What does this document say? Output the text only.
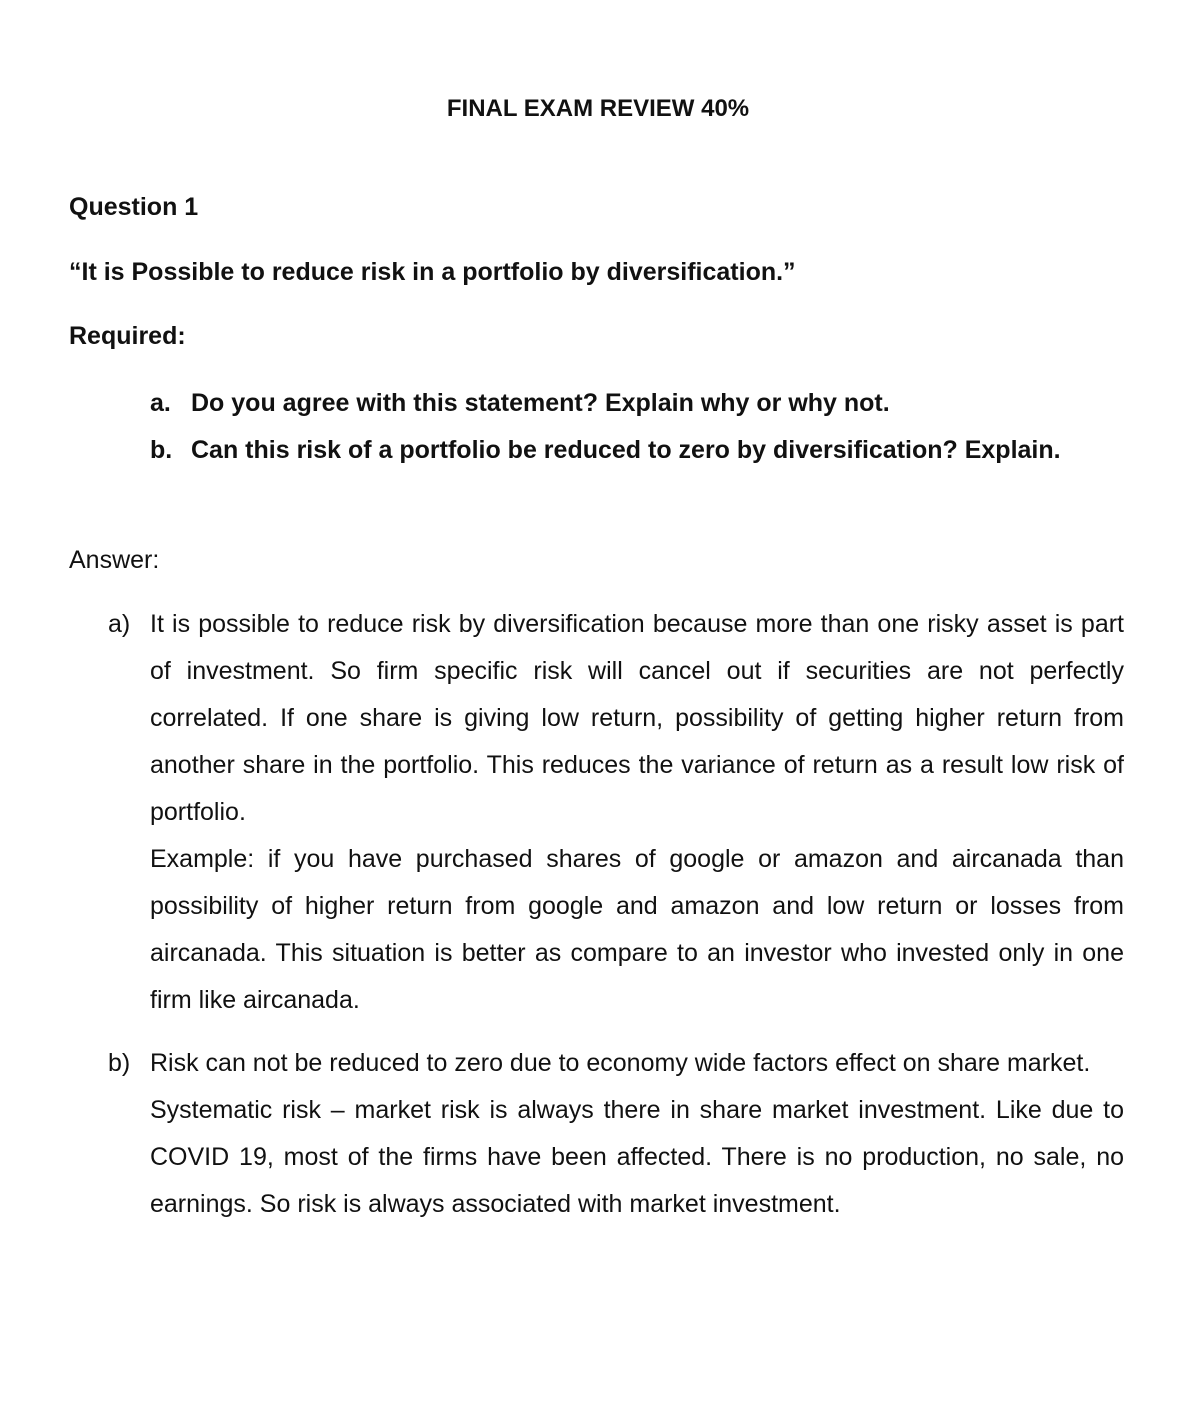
FINAL EXAM REVIEW 40%
Question 1
“It is Possible to reduce risk in a portfolio by diversification.”
Required:
a. Do you agree with this statement? Explain why or why not.
b. Can this risk of a portfolio be reduced to zero by diversification? Explain.
Answer:
a) It is possible to reduce risk by diversification because more than one risky asset is part of investment. So firm specific risk will cancel out if securities are not perfectly correlated. If one share is giving low return, possibility of getting higher return from another share in the portfolio. This reduces the variance of return as a result low risk of portfolio.

Example: if you have purchased shares of google or amazon and aircanada than possibility of higher return from google and amazon and low return or losses from aircanada. This situation is better as compare to an investor who invested only in one firm like aircanada.

b) Risk can not be reduced to zero due to economy wide factors effect on share market.

Systematic risk – market risk is always there in share market investment. Like due to COVID 19, most of the firms have been affected. There is no production, no sale, no earnings. So risk is always associated with market investment.
